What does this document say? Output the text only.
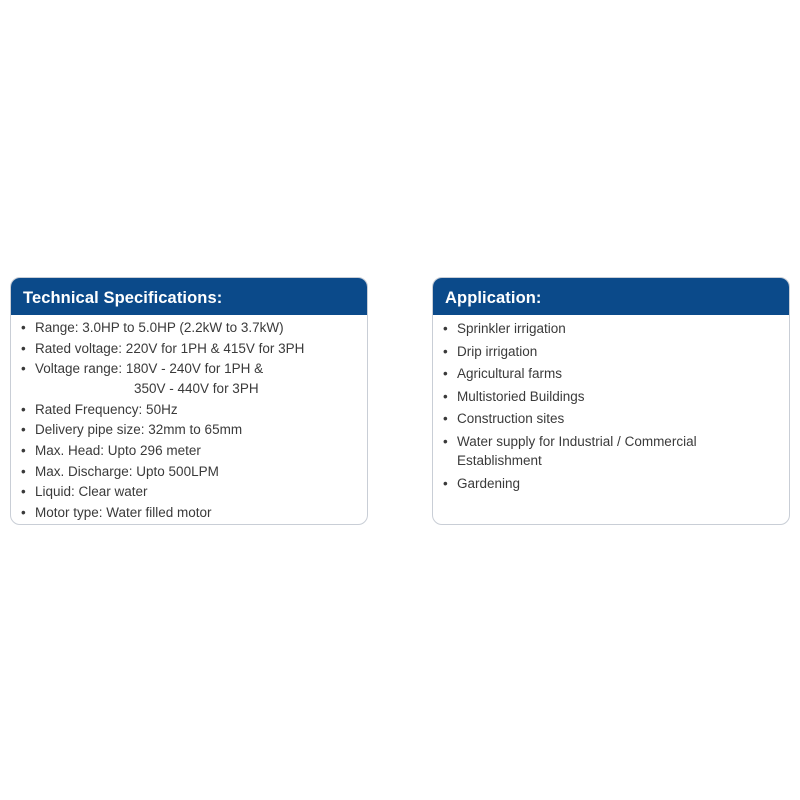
Technical Specifications:
• Range: 3.0HP to 5.0HP (2.2kW to 3.7kW)
• Rated voltage: 220V for 1PH & 415V for 3PH
• Voltage range: 180V - 240V for 1PH &
350V - 440V for 3PH
• Rated Frequency: 50Hz
• Delivery pipe size: 32mm to 65mm
• Max. Head: Upto 296 meter
• Max. Discharge: Upto 500LPM
• Liquid: Clear water
• Motor type: Water filled motor
Application:
• Sprinkler irrigation
• Drip irrigation
• Agricultural farms
• Multistoried Buildings
• Construction sites
• Water supply for Industrial / Commercial
Establishment
• Gardening
